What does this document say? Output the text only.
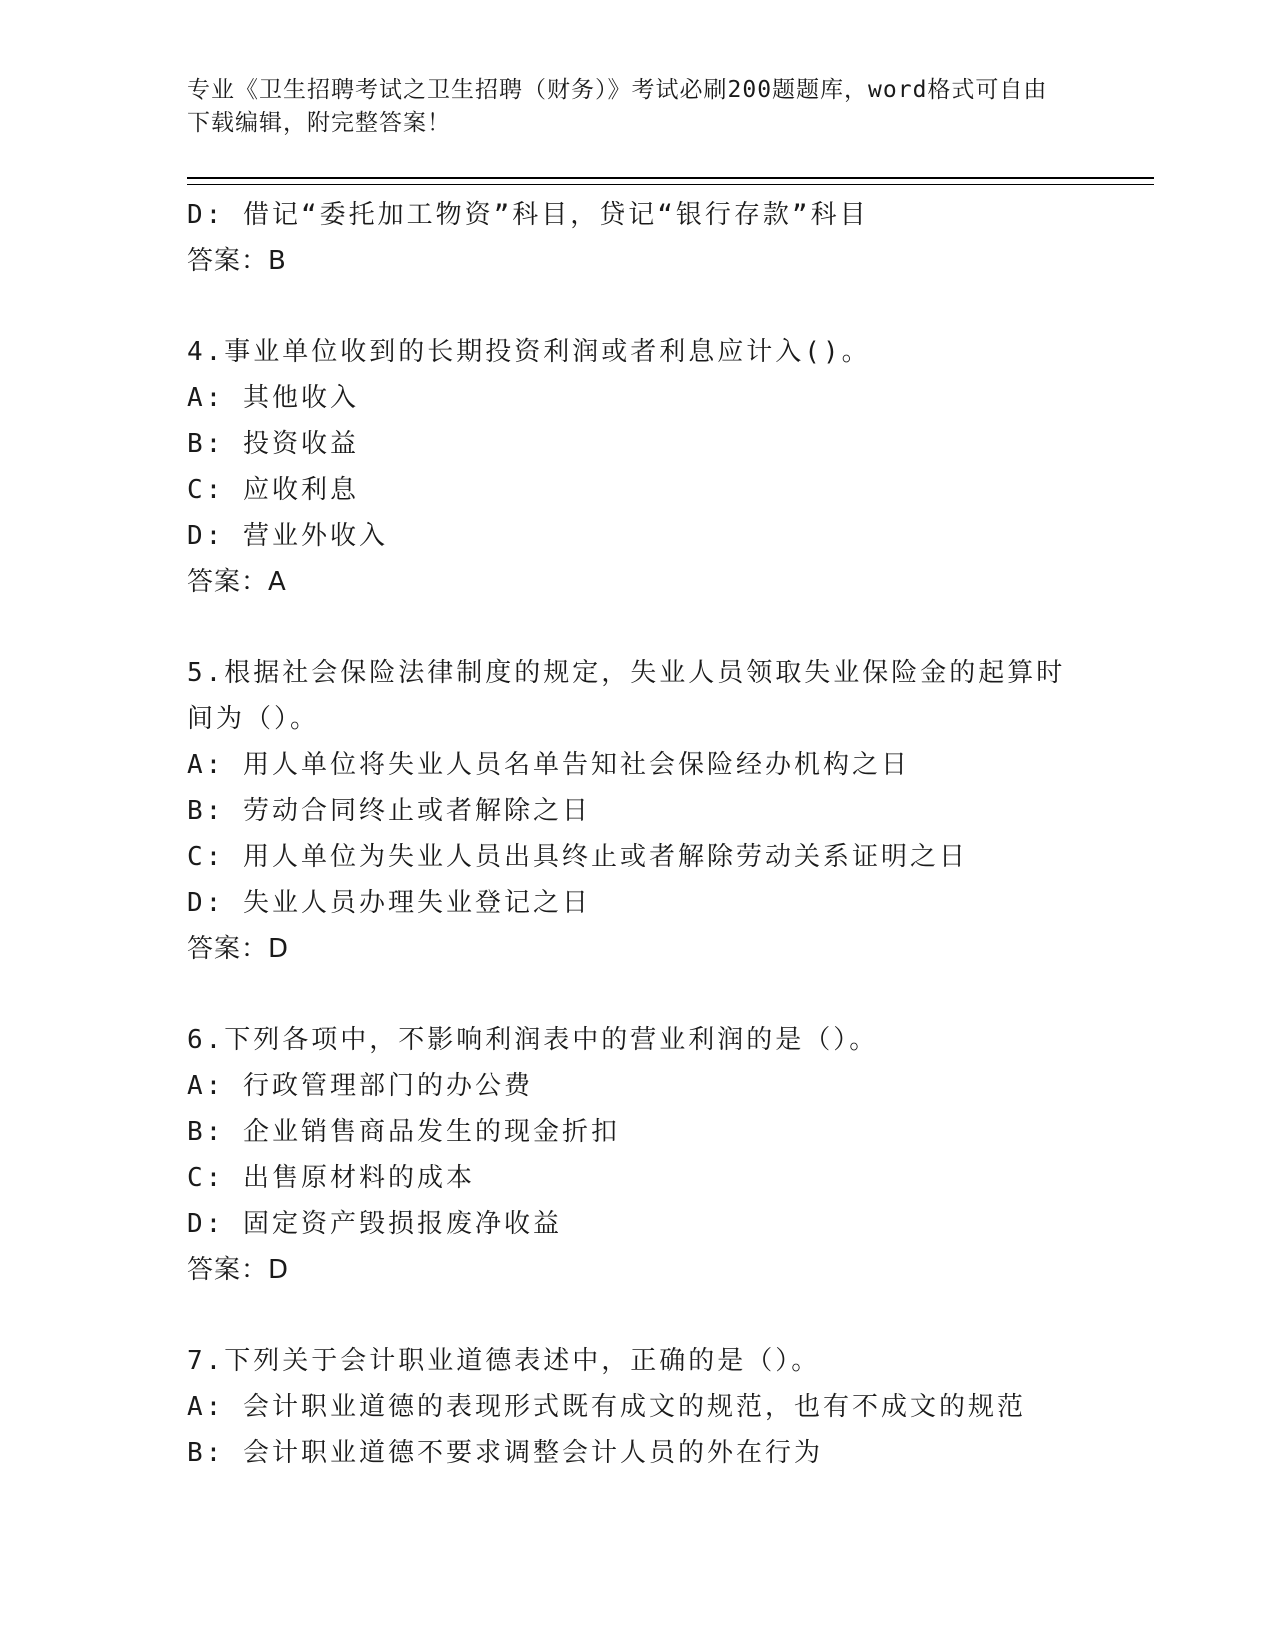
专业《卫生招聘考试之卫生招聘（财务）》考试必刷200题题库，word格式可自由下载编辑，附完整答案！
D: 借记“委托加工物资”科目，贷记“银行存款”科目
答案：B
4.事业单位收到的长期投资利润或者利息应计入()。
A: 其他收入
B: 投资收益
C: 应收利息
D: 营业外收入
答案：A
5.根据社会保险法律制度的规定，失业人员领取失业保险金的起算时间为（）。
A: 用人单位将失业人员名单告知社会保险经办机构之日
B: 劳动合同终止或者解除之日
C: 用人单位为失业人员出具终止或者解除劳动关系证明之日
D: 失业人员办理失业登记之日
答案：D
6.下列各项中，不影响利润表中的营业利润的是（）。
A: 行政管理部门的办公费
B: 企业销售商品发生的现金折扣
C: 出售原材料的成本
D: 固定资产毁损报废净收益
答案：D
7.下列关于会计职业道德表述中，正确的是（）。
A: 会计职业道德的表现形式既有成文的规范，也有不成文的规范
B: 会计职业道德不要求调整会计人员的外在行为
